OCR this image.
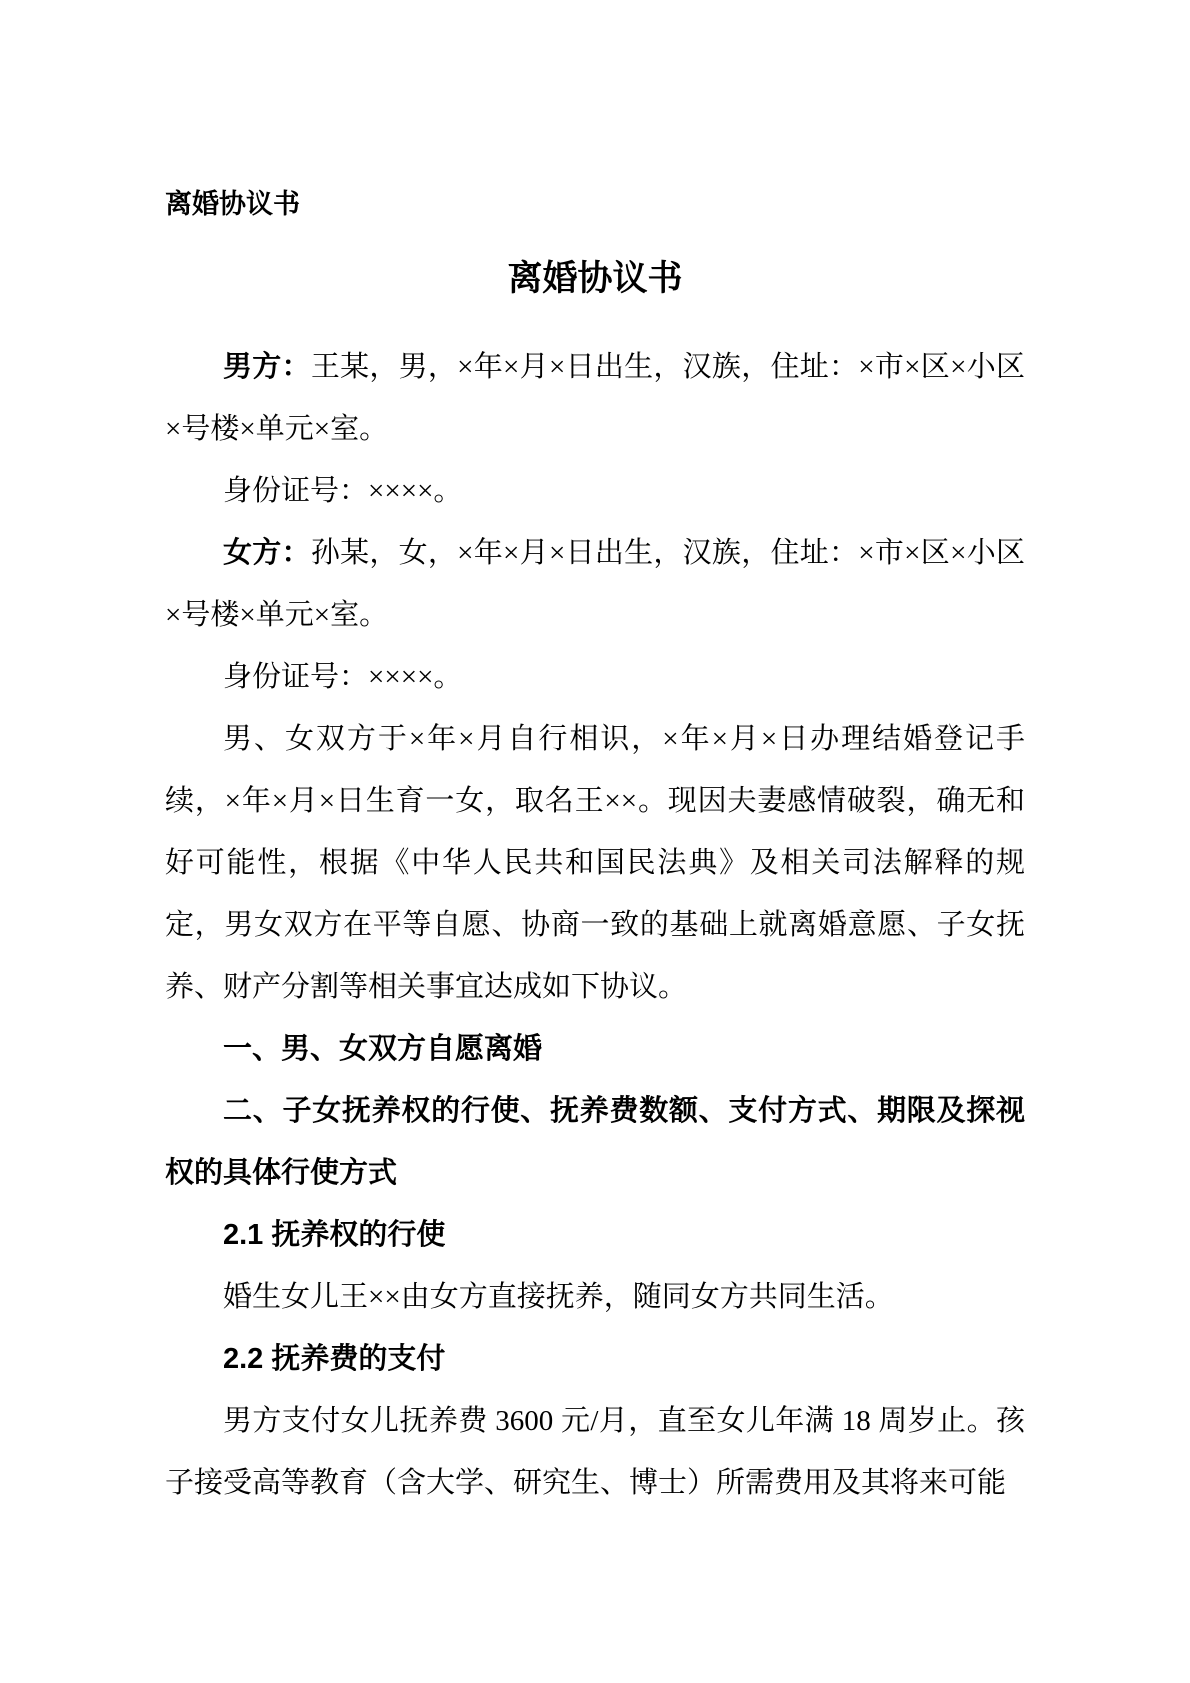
离婚协议书
离婚协议书

男方：王某，男，×年×月×日出生，汉族，住址：×市×区×小区×号楼×单元×室。

身份证号：××××。

女方：孙某，女，×年×月×日出生，汉族，住址：×市×区×小区×号楼×单元×室。

身份证号：××××。

男、女双方于×年×月自行相识，×年×月×日办理结婚登记手续，×年×月×日生育一女，取名王××。现因夫妻感情破裂，确无和好可能性，根据《中华人民共和国民法典》及相关司法解释的规定，男女双方在平等自愿、协商一致的基础上就离婚意愿、子女抚养、财产分割等相关事宜达成如下协议。

一、男、女双方自愿离婚

二、子女抚养权的行使、抚养费数额、支付方式、期限及探视权的具体行使方式

2.1 抚养权的行使

婚生女儿王××由女方直接抚养，随同女方共同生活。

2.2 抚养费的支付

男方支付女儿抚养费 3600 元/月，直至女儿年满 18 周岁止。孩子接受高等教育（含大学、研究生、博士）所需费用及其将来可能
